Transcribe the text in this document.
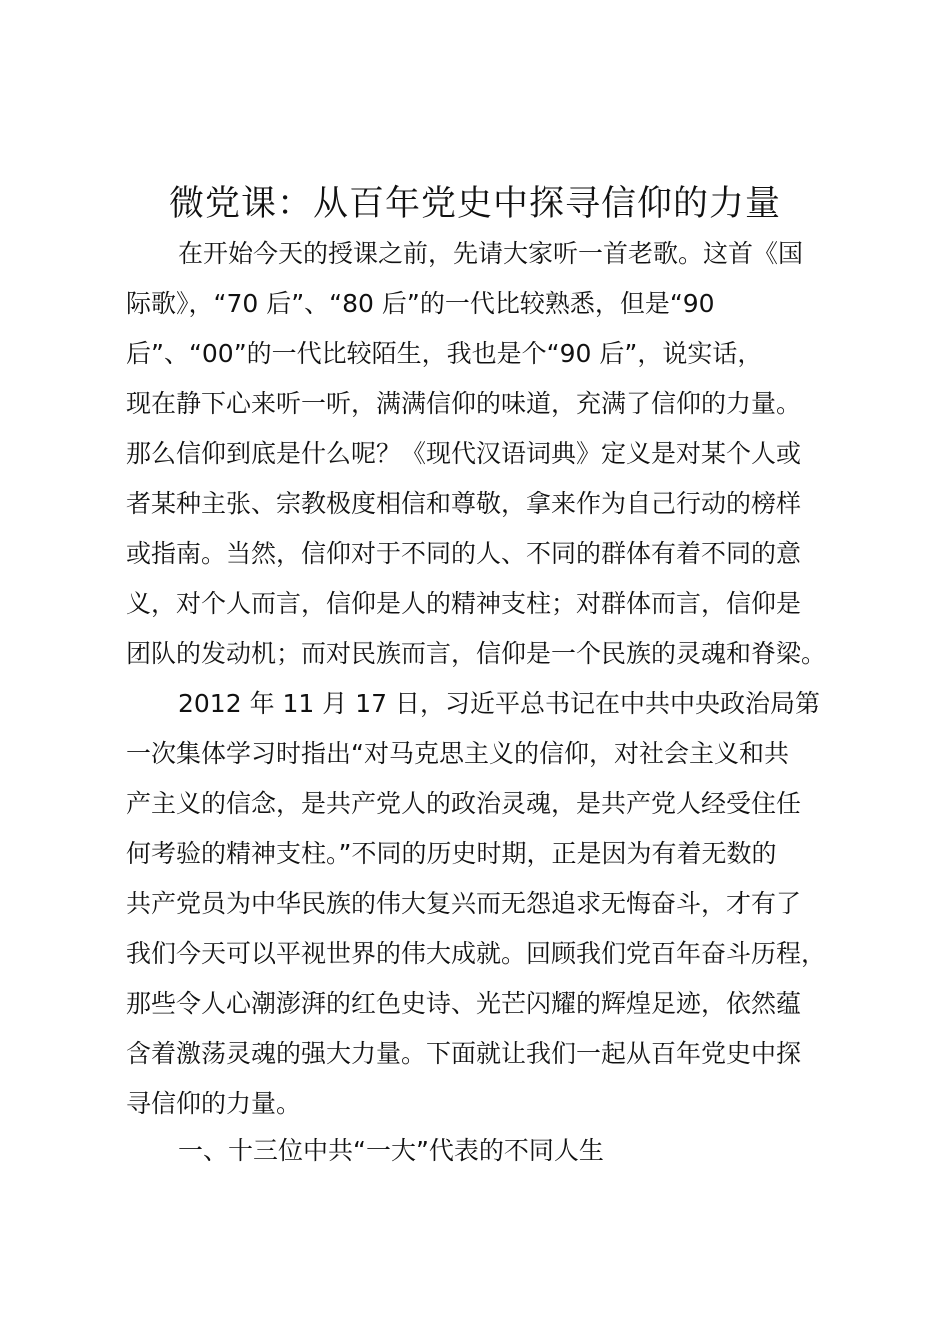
微党课：从百年党史中探寻信仰的力量
在开始今天的授课之前，先请大家听一首老歌。这首《国
际歌》，“70 后”、“80 后”的一代比较熟悉，但是“90
后”、“00”的一代比较陌生，我也是个“90 后”，说实话，
现在静下心来听一听，满满信仰的味道，充满了信仰的力量。
那么信仰到底是什么呢？《现代汉语词典》定义是对某个人或
者某种主张、宗教极度相信和尊敬，拿来作为自己行动的榜样
或指南。当然，信仰对于不同的人、不同的群体有着不同的意
义，对个人而言，信仰是人的精神支柱；对群体而言，信仰是
团队的发动机；而对民族而言，信仰是一个民族的灵魂和脊梁。
2012 年 11 月 17 日，习近平总书记在中共中央政治局第
一次集体学习时指出“对马克思主义的信仰，对社会主义和共
产主义的信念，是共产党人的政治灵魂，是共产党人经受住任
何考验的精神支柱。”不同的历史时期，正是因为有着无数的
共产党员为中华民族的伟大复兴而无怨追求无悔奋斗，才有了
我们今天可以平视世界的伟大成就。回顾我们党百年奋斗历程，
那些令人心潮澎湃的红色史诗、光芒闪耀的辉煌足迹，依然蕴
含着激荡灵魂的强大力量。下面就让我们一起从百年党史中探
寻信仰的力量。
一、十三位中共“一大”代表的不同人生
